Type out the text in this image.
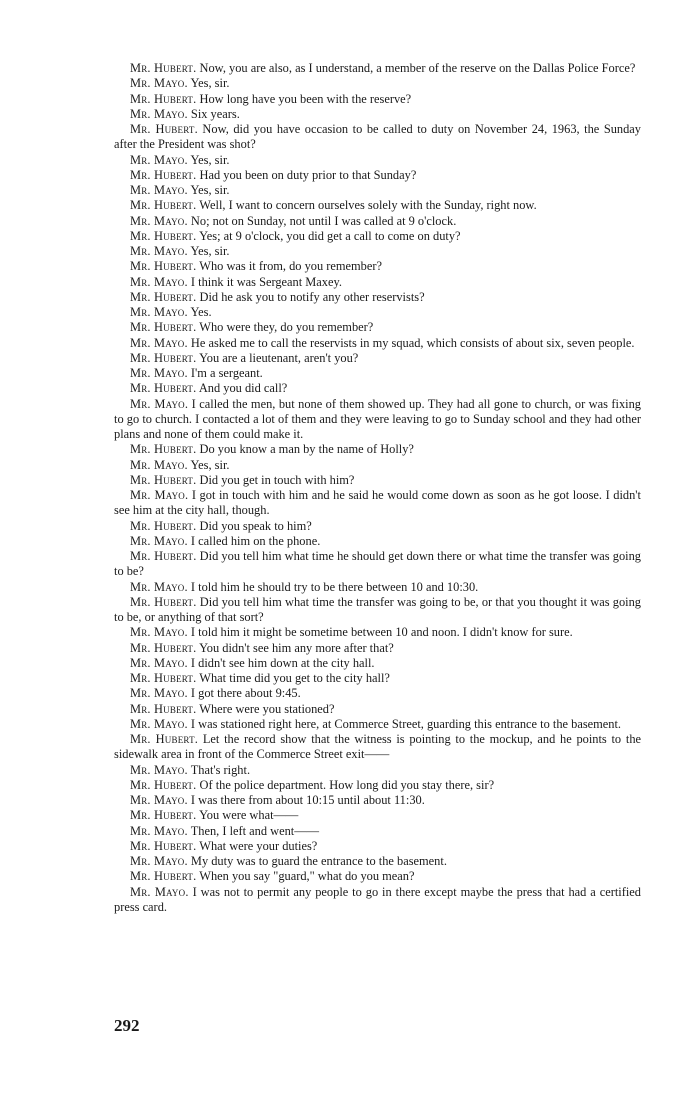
Mr. Hubert. Now, you are also, as I understand, a member of the reserve on the Dallas Police Force?

Mr. Mayo. Yes, sir.

Mr. Hubert. How long have you been with the reserve?

Mr. Mayo. Six years.

Mr. Hubert. Now, did you have occasion to be called to duty on November 24, 1963, the Sunday after the President was shot?

Mr. Mayo. Yes, sir.

Mr. Hubert. Had you been on duty prior to that Sunday?

Mr. Mayo. Yes, sir.

Mr. Hubert. Well, I want to concern ourselves solely with the Sunday, right now.

Mr. Mayo. No; not on Sunday, not until I was called at 9 o'clock.

Mr. Hubert. Yes; at 9 o'clock, you did get a call to come on duty?

Mr. Mayo. Yes, sir.

Mr. Hubert. Who was it from, do you remember?

Mr. Mayo. I think it was Sergeant Maxey.

Mr. Hubert. Did he ask you to notify any other reservists?

Mr. Mayo. Yes.

Mr. Hubert. Who were they, do you remember?

Mr. Mayo. He asked me to call the reservists in my squad, which consists of about six, seven people.

Mr. Hubert. You are a lieutenant, aren't you?

Mr. Mayo. I'm a sergeant.

Mr. Hubert. And you did call?

Mr. Mayo. I called the men, but none of them showed up. They had all gone to church, or was fixing to go to church. I contacted a lot of them and they were leaving to go to Sunday school and they had other plans and none of them could make it.

Mr. Hubert. Do you know a man by the name of Holly?

Mr. Mayo. Yes, sir.

Mr. Hubert. Did you get in touch with him?

Mr. Mayo. I got in touch with him and he said he would come down as soon as he got loose. I didn't see him at the city hall, though.

Mr. Hubert. Did you speak to him?

Mr. Mayo. I called him on the phone.

Mr. Hubert. Did you tell him what time he should get down there or what time the transfer was going to be?

Mr. Mayo. I told him he should try to be there between 10 and 10:30.

Mr. Hubert. Did you tell him what time the transfer was going to be, or that you thought it was going to be, or anything of that sort?

Mr. Mayo. I told him it might be sometime between 10 and noon. I didn't know for sure.

Mr. Hubert. You didn't see him any more after that?

Mr. Mayo. I didn't see him down at the city hall.

Mr. Hubert. What time did you get to the city hall?

Mr. Mayo. I got there about 9:45.

Mr. Hubert. Where were you stationed?

Mr. Mayo. I was stationed right here, at Commerce Street, guarding this entrance to the basement.

Mr. Hubert. Let the record show that the witness is pointing to the mockup, and he points to the sidewalk area in front of the Commerce Street exit——

Mr. Mayo. That's right.

Mr. Hubert. Of the police department. How long did you stay there, sir?

Mr. Mayo. I was there from about 10:15 until about 11:30.

Mr. Hubert. You were what——

Mr. Mayo. Then, I left and went——

Mr. Hubert. What were your duties?

Mr. Mayo. My duty was to guard the entrance to the basement.

Mr. Hubert. When you say "guard," what do you mean?

Mr. Mayo. I was not to permit any people to go in there except maybe the press that had a certified press card.

292
